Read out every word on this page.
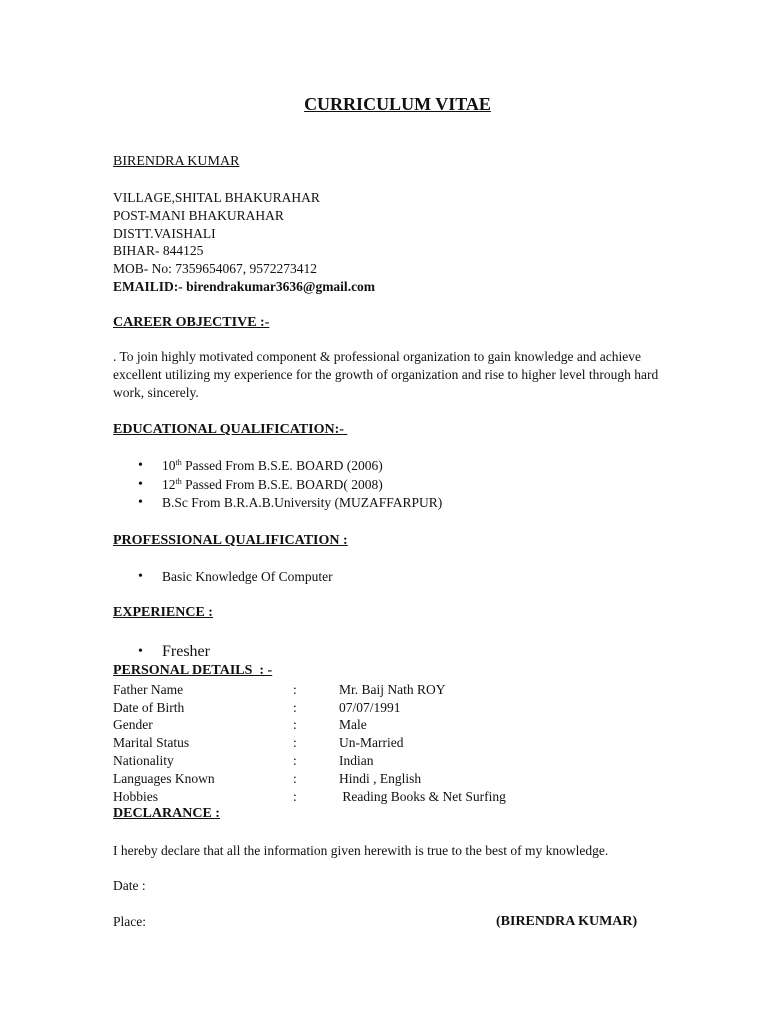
CURRICULUM VITAE
BIRENDRA KUMAR
VILLAGE,SHITAL BHAKURAHAR
POST-MANI BHAKURAHAR
DISTT.VAISHALI
BIHAR- 844125
MOB- No: 7359654067, 9572273412
EMAILID:- birendrakumar3636@gmail.com
CAREER OBJECTIVE :-
. To join highly motivated component & professional organization to gain knowledge and achieve excellent utilizing my experience for the growth of organization and rise to higher level through hard work, sincerely.
EDUCATIONAL QUALIFICATION:-
• 10th Passed From B.S.E. BOARD (2006)
• 12th Passed From B.S.E. BOARD( 2008)
• B.Sc From B.R.A.B.University (MUZAFFARPUR)
PROFESSIONAL QUALIFICATION :
• Basic Knowledge Of Computer
EXPERIENCE :
• Fresher
PERSONAL DETAILS  : -
Father Name	:	Mr. Baij Nath ROY
Date of Birth	:	07/07/1991
Gender	:	Male
Marital Status	:	Un-Married
Nationality	:	Indian
Languages Known	:	Hindi , English
Hobbies	:	Reading Books & Net Surfing
DECLARANCE :
I hereby declare that all the information given herewith is true to the best of my knowledge.
Date :
Place:	(BIRENDRA KUMAR)
